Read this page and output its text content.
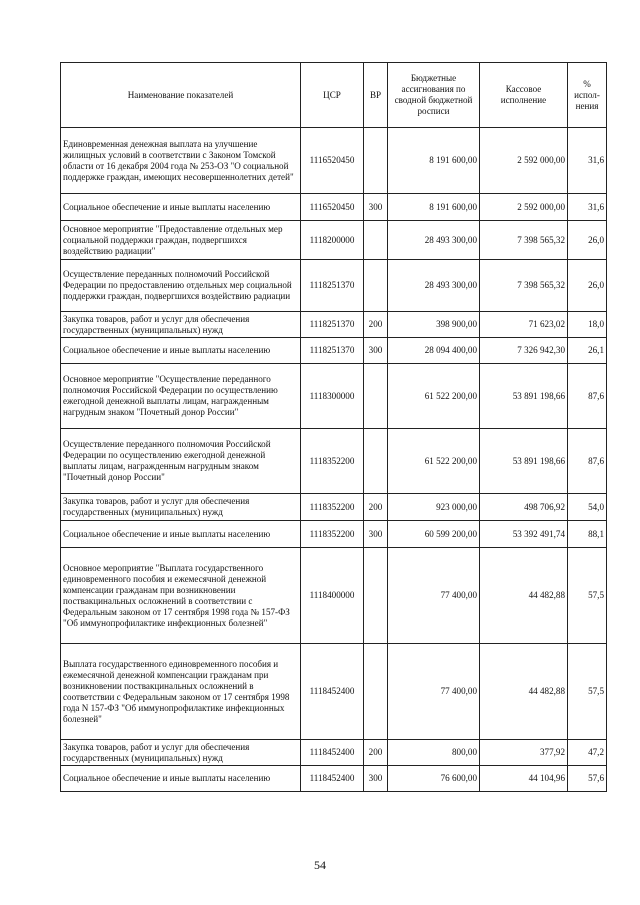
Наименование показателей	ЦСР	ВР	Бюджетные ассигнования по сводной бюджетной росписи	Кассовое исполнение	% испол-нения
Единовременная денежная выплата на улучшение жилищных условий в соответствии с Законом Томской области от 16 декабря 2004 года № 253-ОЗ "О социальной поддержке граждан, имеющих несовершеннолетних детей"	1116520450		8 191 600,00	2 592 000,00	31,6
Социальное обеспечение и иные выплаты населению	1116520450	300	8 191 600,00	2 592 000,00	31,6
Основное мероприятие "Предоставление отдельных мер социальной поддержки граждан, подвергшихся воздействию радиации"	1118200000		28 493 300,00	7 398 565,32	26,0
Осуществление переданных полномочий Российской Федерации по предоставлению отдельных мер социальной поддержки граждан, подвергшихся воздействию радиации	1118251370		28 493 300,00	7 398 565,32	26,0
Закупка товаров, работ и услуг для обеспечения государственных (муниципальных) нужд	1118251370	200	398 900,00	71 623,02	18,0
Социальное обеспечение и иные выплаты населению	1118251370	300	28 094 400,00	7 326 942,30	26,1
Основное мероприятие "Осуществление переданного полномочия Российской Федерации по осуществлению ежегодной денежной выплаты лицам, награжденным нагрудным знаком "Почетный донор России"	1118300000		61 522 200,00	53 891 198,66	87,6
Осуществление переданного полномочия Российской Федерации по осуществлению ежегодной денежной выплаты лицам, награжденным нагрудным знаком "Почетный донор России"	1118352200		61 522 200,00	53 891 198,66	87,6
Закупка товаров, работ и услуг для обеспечения государственных (муниципальных) нужд	1118352200	200	923 000,00	498 706,92	54,0
Социальное обеспечение и иные выплаты населению	1118352200	300	60 599 200,00	53 392 491,74	88,1
Основное мероприятие "Выплата государственного единовременного пособия и ежемесячной денежной компенсации гражданам при возникновении поствакцинальных осложнений в соответствии с Федеральным законом от 17 сентября 1998 года № 157-ФЗ "Об иммунопрофилактике инфекционных болезней"	1118400000		77 400,00	44 482,88	57,5
Выплата государственного единовременного пособия и ежемесячной денежной компенсации гражданам при возникновении поствакцинальных осложнений в соответствии с Федеральным законом от 17 сентября 1998 года N 157-ФЗ "Об иммунопрофилактике инфекционных болезней"	1118452400		77 400,00	44 482,88	57,5
Закупка товаров, работ и услуг для обеспечения государственных (муниципальных) нужд	1118452400	200	800,00	377,92	47,2
Социальное обеспечение и иные выплаты населению	1118452400	300	76 600,00	44 104,96	57,6
54
